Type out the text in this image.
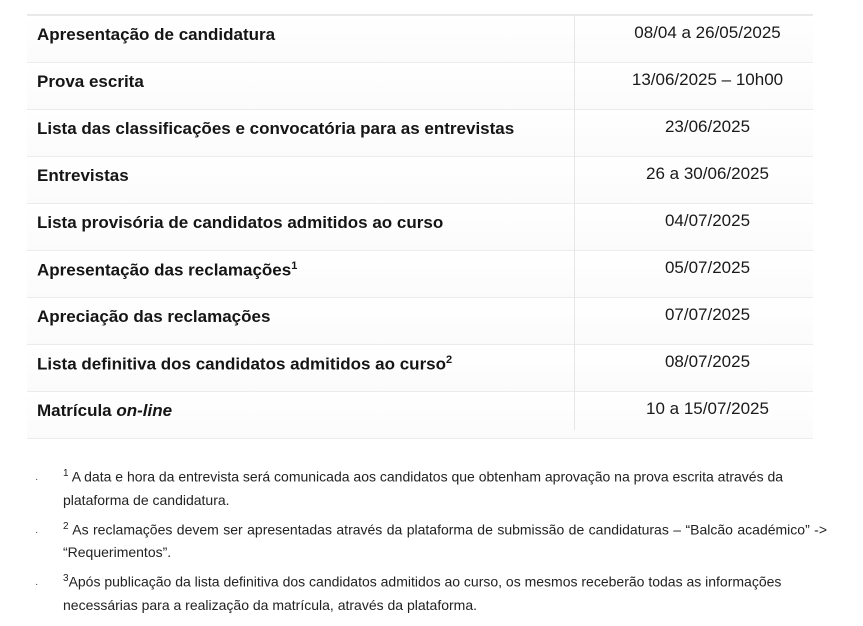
Apresentação de candidatura	08/04 a 26/05/2025
Prova escrita	13/06/2025 – 10h00
Lista das classificações e convocatória para as entrevistas	23/06/2025
Entrevistas	26 a 30/06/2025
Lista provisória de candidatos admitidos ao curso	04/07/2025
Apresentação das reclamações$^1$	05/07/2025
Apreciação das reclamações	07/07/2025
Lista definitiva dos candidatos admitidos ao curso$^2$	08/07/2025
Matrícula on-line	10 a 15/07/2025
·
$^1$ A data e hora da entrevista será comunicada aos candidatos que obtenham aprovação na prova escrita através da plataforma de candidatura.
·
$^2$ As reclamações devem ser apresentadas através da plataforma de submissão de candidaturas – “Balcão académico” -> “Requerimentos”.
·
$^3$Após publicação da lista definitiva dos candidatos admitidos ao curso, os mesmos receberão todas as informações necessárias para a realização da matrícula, através da plataforma.
